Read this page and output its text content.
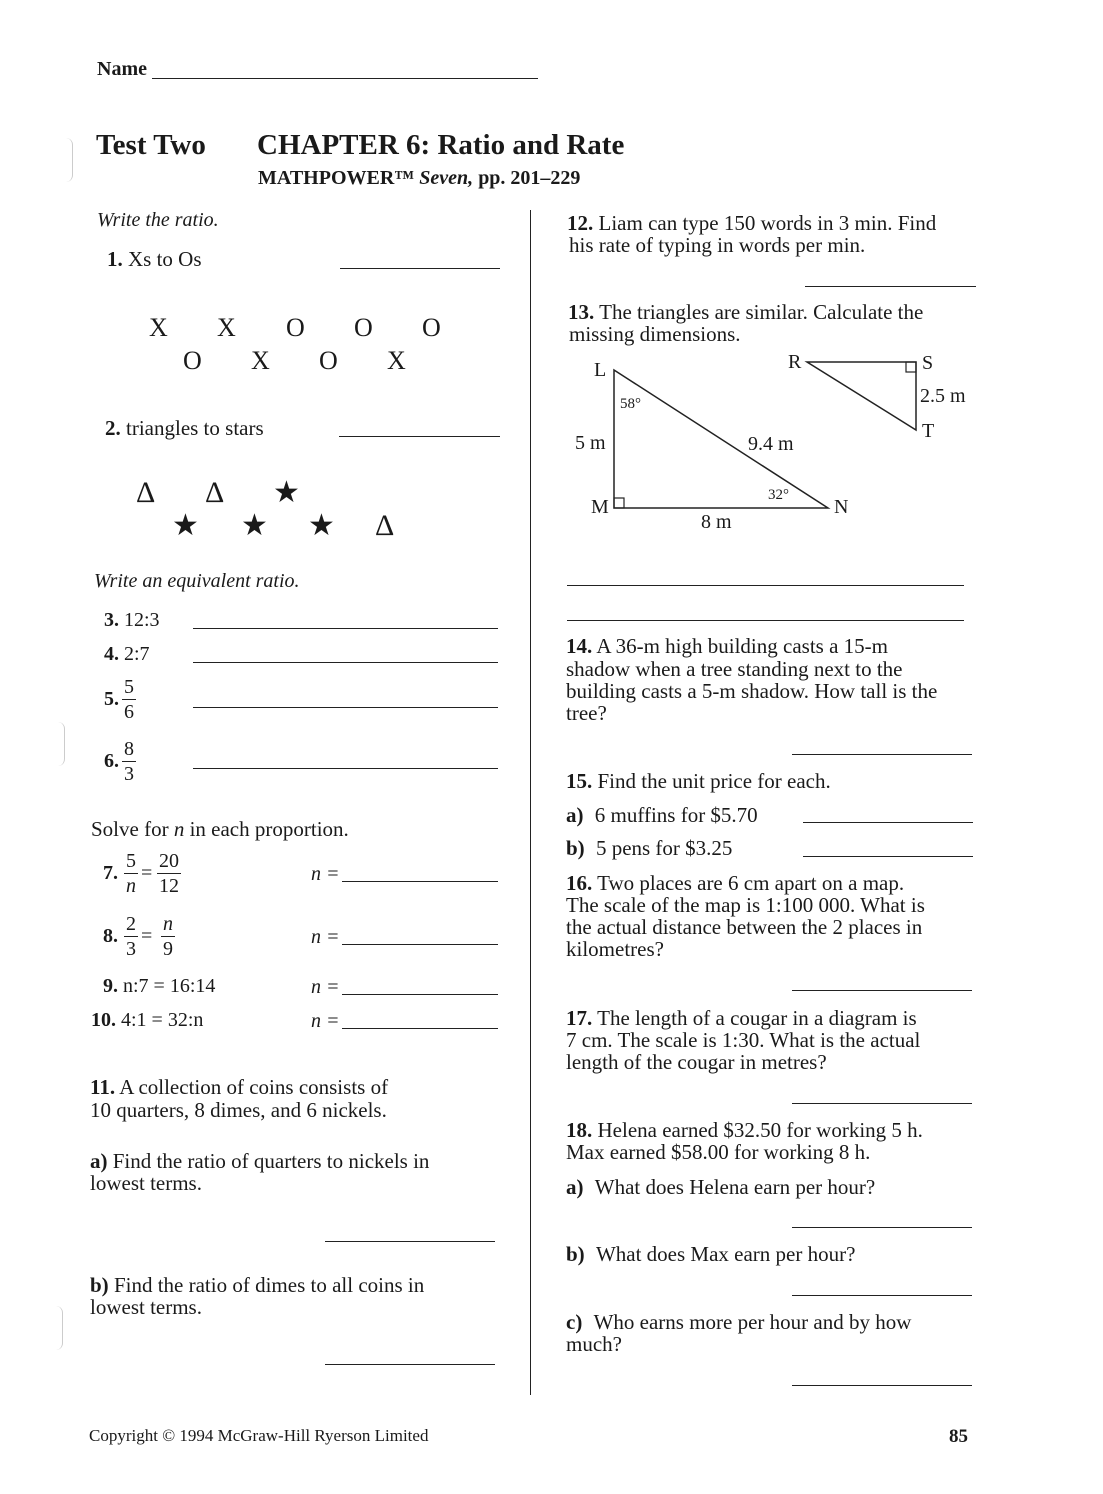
Name
Test Two CHAPTER 6: Ratio and Rate
MATHPOWER™ Seven, pp. 201–229
Write the ratio.
1. Xs to Os
X X O O O
O X O X
2. triangles to stars
Δ Δ ★
★ ★ ★ Δ
Write an equivalent ratio.
3. 12:3
4. 2:7
5.
5
6
6.
8
3
Solve for n in each proportion.
7.
5
n
=
20
12
n =
8.
2
3
=
n
9
n =
9. n:7 = 16:14	n =
10. 4:1 = 32:n	n =
11. A collection of coins consists of
10 quarters, 8 dimes, and 6 nickels.
a) Find the ratio of quarters to nickels in
lowest terms.
b) Find the ratio of dimes to all coins in
lowest terms.
12. Liam can type 150 words in 3 min. Find
his rate of typing in words per min.
13. The triangles are similar. Calculate the
missing dimensions.
L
M	N
58°
32°
5 m	9.4 m
8 m
R	S
T
2.5 m
14. A 36-m high building casts a 15-m
shadow when a tree standing next to the
building casts a 5-m shadow. How tall is the
tree?
15. Find the unit price for each.
a) 6 muffins for $5.70
b) 5 pens for $3.25
16. Two places are 6 cm apart on a map.
The scale of the map is 1:100 000. What is
the actual distance between the 2 places in
kilometres?
17. The length of a cougar in a diagram is
7 cm. The scale is 1:30. What is the actual
length of the cougar in metres?
18. Helena earned $32.50 for working 5 h.
Max earned $58.00 for working 8 h.
a) What does Helena earn per hour?
b) What does Max earn per hour?
c) Who earns more per hour and by how
much?
Copyright © 1994 McGraw-Hill Ryerson Limited	85
